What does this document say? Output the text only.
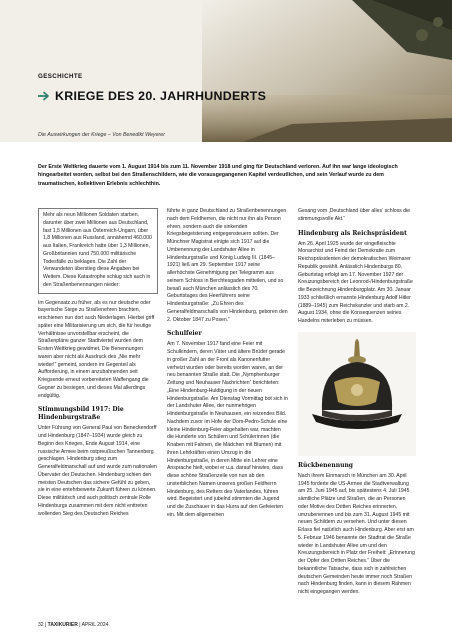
GESCHICHTE
KRIEGE DES 20. JAHRHUNDERTS
Die Auswirkungen der Kriege – Von Benedikt Weyerer
Der Erste Weltkrieg dauerte vom 1. August 1914 bis zum 11. November 1918 und ging für Deutschland verloren. Auf ihn war lange ideologisch hingearbeitet worden, selbst bei den Straßenschildern, wie die vorausgegangenen Kapitel verdeutlichen, und sein Verlauf wurde zu dem traumatischen, kollektiven Erlebnis schlechthin.
Mehr als neun Millionen Soldaten starben, darunter über zwei Millionen aus Deutschland, fast 1,5 Millionen aus Österreich-Ungarn, über 1,8 Millionen aus Russland, annähernd 460.000 aus Italien, Frankreich hatte über 1,3 Millionen, Großbritannien rund 750.000 militärische Todesfälle zu beklagen. Die Zahl der Verwundeten überstieg diese Angaben bei Weitem. Diese Katastrophe schlug sich auch in den Straßenbenennungen nieder:

Im Gegensatz zu früher, als es nur deutsche oder bayerische Siege zu Straßenehren brachten, erschienen nun dort auch Niederlagen. Hierbei griff später eine Militarisierung um sich, die für heutige Verhältnisse unvorstellbar erscheint, die Straßenpläne ganzer Stadtviertel wurden dem Ersten Weltkrieg gewidmet. Die Benennungen waren aber nicht als Ausdruck des „Nie mehr wieder!“ gemeint, sondern im Gegenteil als Aufforderung, in einem anzubahnenden seit Kriegsende erneut vorbereiteten Waffengang die Gegner zu besiegen, und dieses Mal allerdings endgültig.

Stimmungsbild 1917: Die Hindenburgstraße

Unter Führung von General Paul von Beneckendorff und Hindenburg (1847–1934) wurde gleich zu Beginn des Krieges, Ende August 1914, eine russische Armee beim ostpreußischen Tannenberg geschlagen. Hindenburg stieg zum Generalfeldmarschall auf und wurde zum nationalen Übervater der Deutschen. Hindenburg schien den meisten Deutschen das sichere Gefühl zu geben, sie in eine entehrbewerte Zukunft führen zu können. Diese militärisch und auch politisch zentrale Rolle Hindenburgs zusammen mit dem nicht enttreten wollenden Sieg des Deutschen Reiches

führte in ganz Deutschland zu Straßenbenennungen nach dem Feldherren, die nicht nur ihn als Person ehren, sondern auch die sinkenden Kriegsbegeisterung entgegensteuern sollten. Der Münchner Magistrat einigte sich 1917 auf die Umbenennung der Landshuter Allee in Hindenburgstraße und König Ludwig III. (1845–1921) ließ am 29. September 1917 seine allerhöchste Genehmigung per Telegramm aus seinem Schloss in Berchtesgaden mitteilen, und so besaß auch München anlässlich des 70. Geburtstages des Heerführers seine Hindenburgstraße: „Zu Ehren des Generalfeldmarschalls von Hindenburg, geboren den 2. Oktober 1847 zu Posen.“

Schulfeier

Am 7. November 1917 fand eine Feier mit Schulkindern, deren Väter und ältere Brüder gerade in großer Zahl an der Front als Kanonenfutter verheizt wurden oder bereits worden waren, an der neu benannten Straße statt. Die „Nymphenburger Zeitung und Neuhauser Nachrichten“ berichteten: „Eine Hindenburg-Huldigung in der neuen Hindenburgstraße. Am Dienstag Vormittag bot sich in der Landshuter Allee, der nunmehrigen Hindenburgstraße in Neuhausen, ein reizendes Bild. Nachdem zuvor im Hofe der Dom-Pedro-Schule eine kleine Hindenburg-Feier abgehalten war, machten die Hunderte von Schülern und Schülerinnen (die Knaben mit Fahnen, die Mädchen mit Blumen) mit ihren Lehrkräften einen Umzug in die Hindenburgstraße, in deren Mitte ein Lehrer eine Ansprache hielt, wobei er u.a. darauf hinwies, dass diese schöne Straßenzeile von nun ab den unsterblichen Namen unseres großen Feldherrn Hindenburg, des Retters des Vaterlandes, führen wird. Begeistert und jubelnd stimmten die Jugend und die Zuschauer in das Hurra auf den Gefeierten ein. Mit dem allgemeinen

Gesang vom ‚Deutschland über alles‘ schloss die stimmungsvolle Akt.“

Hindenburg als Reichspräsident

Am 26. April 1925 wurde der eingefleischte Monarchist und Feind der Demokratie zum Reichspräsidenten der demokratischen Weimarer Republik gewählt. Anlässlich Hindenburgs 80. Geburtstag erfolgt am 17. November 1927 der Kreuzungsbereich der Leonrod-/Hindenburgstraße die Bezeichnung Hindenburgplatz. Am 30. Januar 1933 schließlich ernannte Hindenburg Adolf Hitler (1889–1945) zum Reichskanzler und starb am 2. August 1934, ohne die Konsequenzen seines Handelns miterleben zu müssen.

Rückbenennung

Nach ihrem Einmarsch in München am 30. April 1945 forderte die US-Armee die Stadtverwaltung am 25. Juni 1945 auf, bis spätestens 4. Juli 1945 sämtliche Plätze und Straßen, die an Personen oder Motive des Dritten Reiches erinnerten, umzubenennen und bis zum 31. August 1945 mit neuen Schildern zu versehen. Und unter diesen Erlass fiel natürlich auch Hindenburg. Aber erst am 5. Februar 1946 benannte der Stadtrat die Straße wieder in Landshuter Allee um und den Kreuzungsbereich in Platz der Freiheit: „Erinnerung der Opfer des Dritten Reiches.“ Über die bekanntliche Tatsache, dass sich in zahlreichen deutschen Gemeinden heute immer noch Straßen nach Hindenburg finden, kann in diesem Rahmen nicht eingegangen werden.

32 | TAXIKURIER | APRIL 2024
